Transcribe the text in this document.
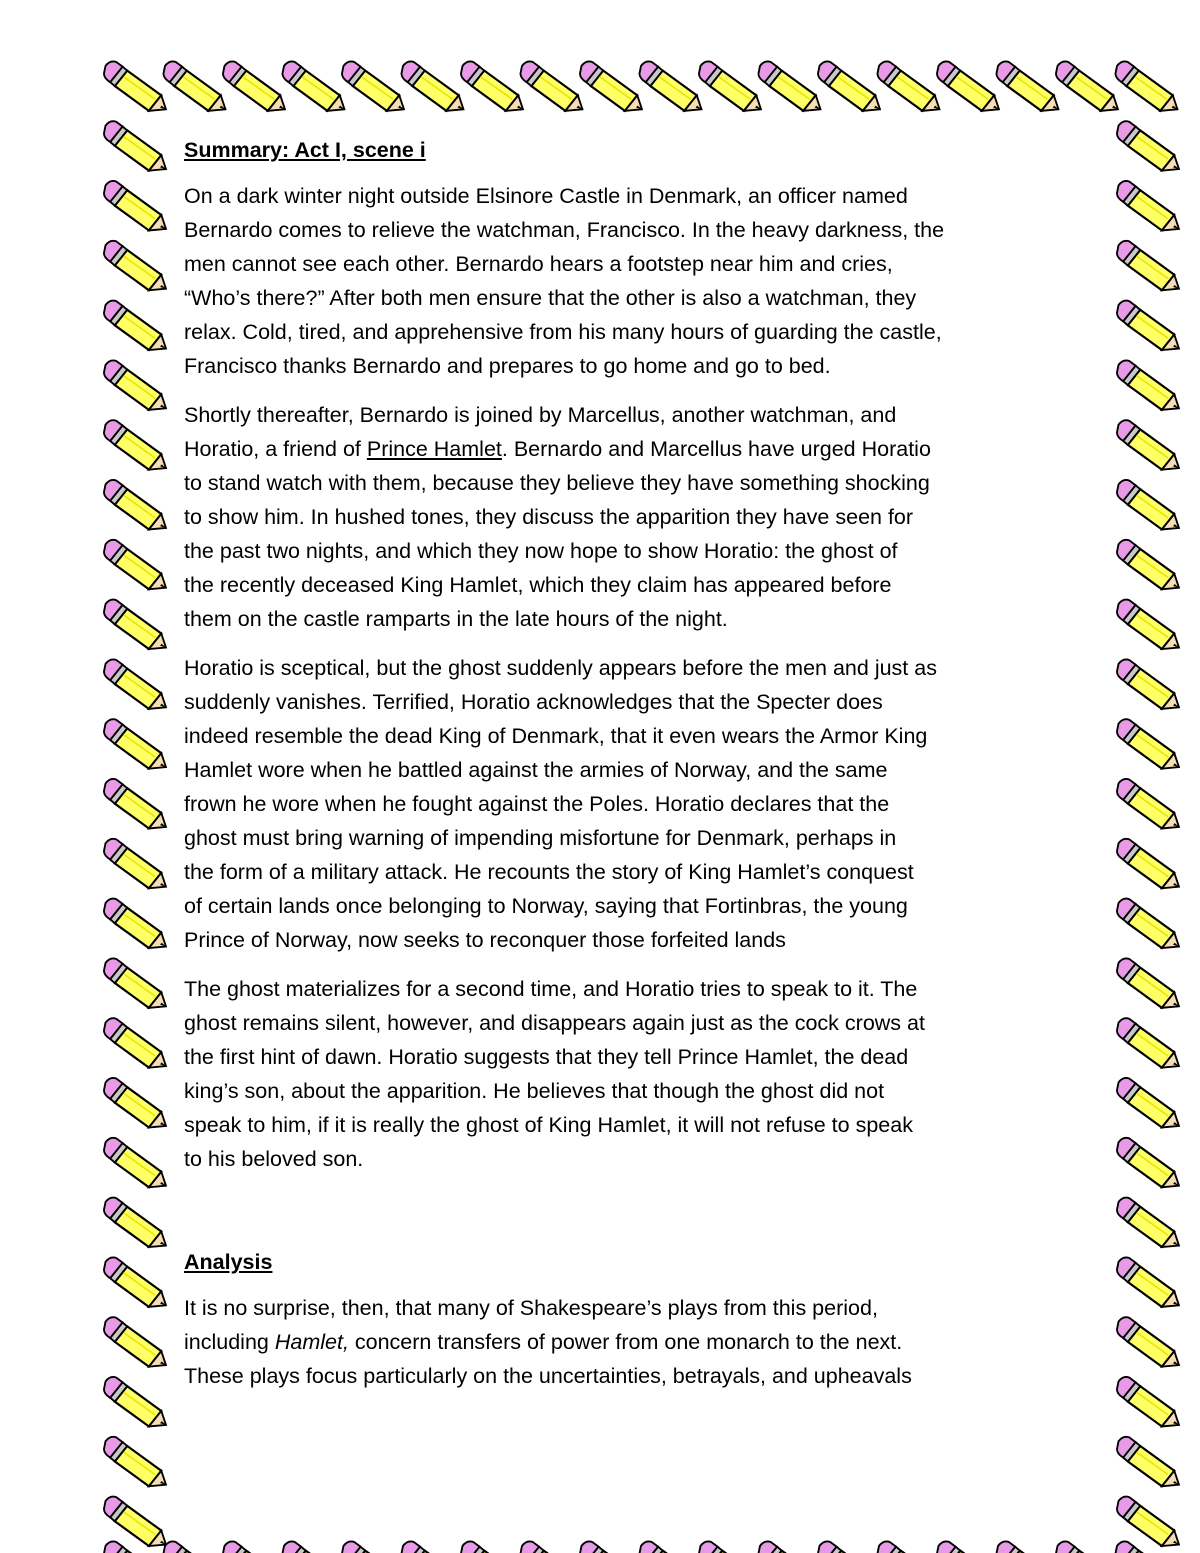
Summary: Act I, scene i

On a dark winter night outside Elsinore Castle in Denmark, an officer named
Bernardo comes to relieve the watchman, Francisco. In the heavy darkness, the
men cannot see each other. Bernardo hears a footstep near him and cries,
“Who’s there?” After both men ensure that the other is also a watchman, they
relax. Cold, tired, and apprehensive from his many hours of guarding the castle,
Francisco thanks Bernardo and prepares to go home and go to bed.

Shortly thereafter, Bernardo is joined by Marcellus, another watchman, and
Horatio, a friend of Prince Hamlet. Bernardo and Marcellus have urged Horatio
to stand watch with them, because they believe they have something shocking
to show him. In hushed tones, they discuss the apparition they have seen for
the past two nights, and which they now hope to show Horatio: the ghost of
the recently deceased King Hamlet, which they claim has appeared before
them on the castle ramparts in the late hours of the night.

Horatio is sceptical, but the ghost suddenly appears before the men and just as
suddenly vanishes. Terrified, Horatio acknowledges that the Specter does
indeed resemble the dead King of Denmark, that it even wears the Armor King
Hamlet wore when he battled against the armies of Norway, and the same
frown he wore when he fought against the Poles. Horatio declares that the
ghost must bring warning of impending misfortune for Denmark, perhaps in
the form of a military attack. He recounts the story of King Hamlet’s conquest
of certain lands once belonging to Norway, saying that Fortinbras, the young
Prince of Norway, now seeks to reconquer those forfeited lands

The ghost materializes for a second time, and Horatio tries to speak to it. The
ghost remains silent, however, and disappears again just as the cock crows at
the first hint of dawn. Horatio suggests that they tell Prince Hamlet, the dead
king’s son, about the apparition. He believes that though the ghost did not
speak to him, if it is really the ghost of King Hamlet, it will not refuse to speak
to his beloved son.

Analysis

It is no surprise, then, that many of Shakespeare’s plays from this period,
including Hamlet, concern transfers of power from one monarch to the next.
These plays focus particularly on the uncertainties, betrayals, and upheavals
